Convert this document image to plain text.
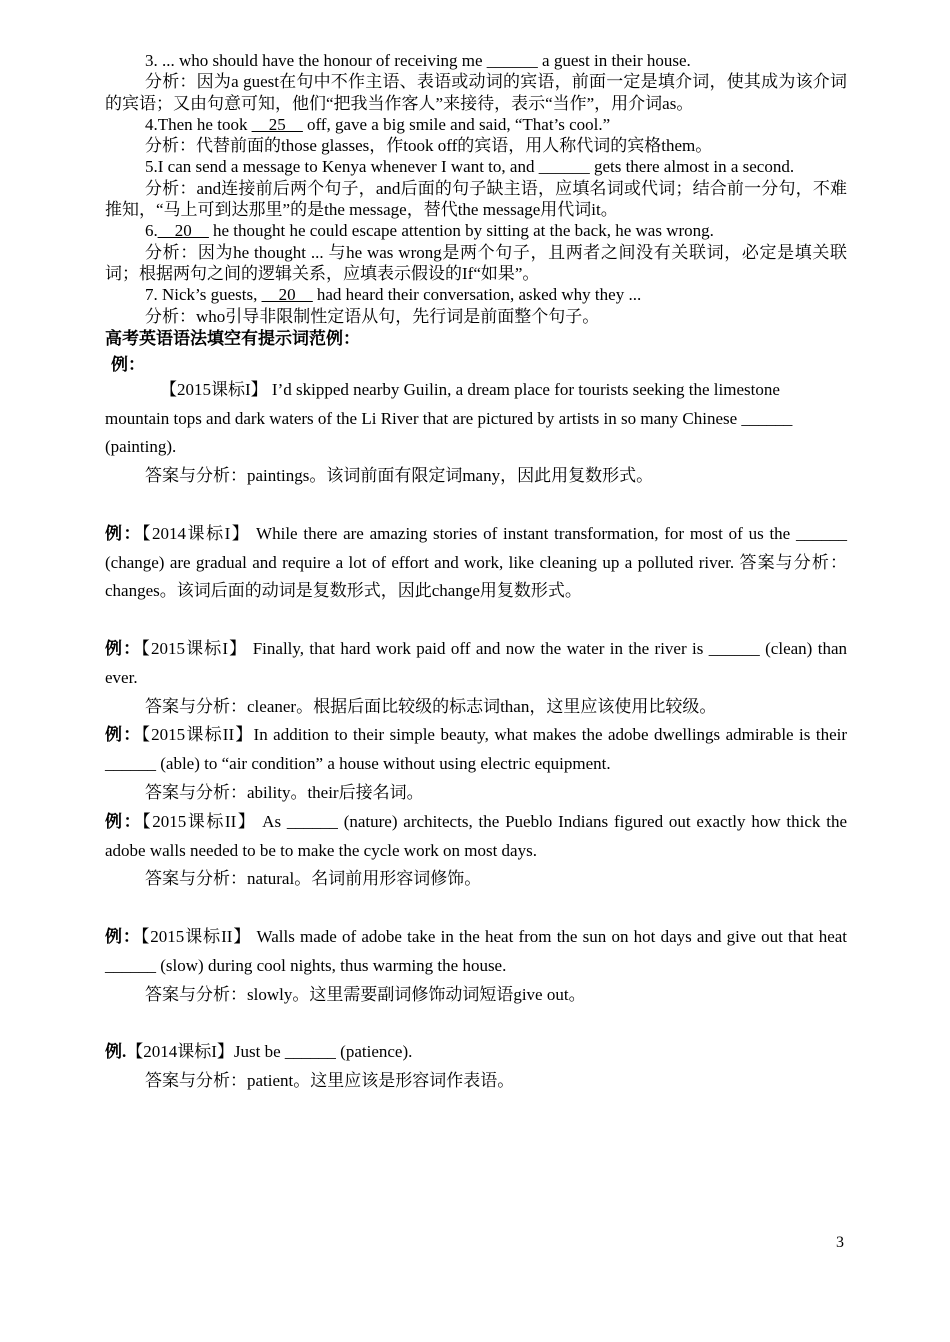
3. ... who should have the honour of receiving me ______ a guest in their house.

分析：因为a guest在句中不作主语、表语或动词的宾语，前面一定是填介词，使其成为该介词的宾语；又由句意可知，他们“把我当作客人”来接待，表示“当作”，用介词as。

4.Then he took __25__ off, gave a big smile and said, “That’s cool.”

分析：代替前面的those glasses，作took off的宾语，用人称代词的宾格them。

5.I can send a message to Kenya whenever I want to, and ______ gets there almost in a second.

分析：and连接前后两个句子，and后面的句子缺主语，应填名词或代词；结合前一分句，不难推知，“马上可到达那里”的是the message，替代the message用代词it。

6.__20__ he thought he could escape attention by sitting at the back, he was wrong.

分析：因为he thought ... 与he was wrong是两个句子，且两者之间没有关联词，必定是填关联词；根据两句之间的逻辑关系，应填表示假设的If“如果”。

7. Nick’s guests, __20__ had heard their conversation, asked why they ...

分析：who引导非限制性定语从句，先行词是前面整个句子。

高考英语语法填空有提示词范例：
例：

【2015课标I】 I’d skipped nearby Guilin, a dream place for tourists seeking the limestone mountain tops and dark waters of the Li River that are pictured by artists in so many Chinese ______ (painting).

答案与分析：paintings。该词前面有限定词many，因此用复数形式。

例：【2014课标I】 While there are amazing stories of instant transformation, for most of us the ______ (change) are gradual and require a lot of effort and work, like cleaning up a polluted river. 答案与分析：changes。该词后面的动词是复数形式，因此change用复数形式。

例：【2015课标I】 Finally, that hard work paid off and now the water in the river is ______ (clean) than ever.

答案与分析：cleaner。根据后面比较级的标志词than，这里应该使用比较级。

例：【2015课标II】In addition to their simple beauty, what makes the adobe dwellings admirable is their ______ (able) to “air condition” a house without using electric equipment.

答案与分析：ability。their后接名词。

例：【2015课标II】 As ______ (nature) architects, the Pueblo Indians figured out exactly how thick the adobe walls needed to be to make the cycle work on most days.

答案与分析：natural。名词前用形容词修饰。

例：【2015课标II】 Walls made of adobe take in the heat from the sun on hot days and give out that heat ______ (slow) during cool nights, thus warming the house.

答案与分析：slowly。这里需要副词修饰动词短语give out。

例.【2014课标I】Just be ______ (patience).

答案与分析：patient。这里应该是形容词作表语。

3
